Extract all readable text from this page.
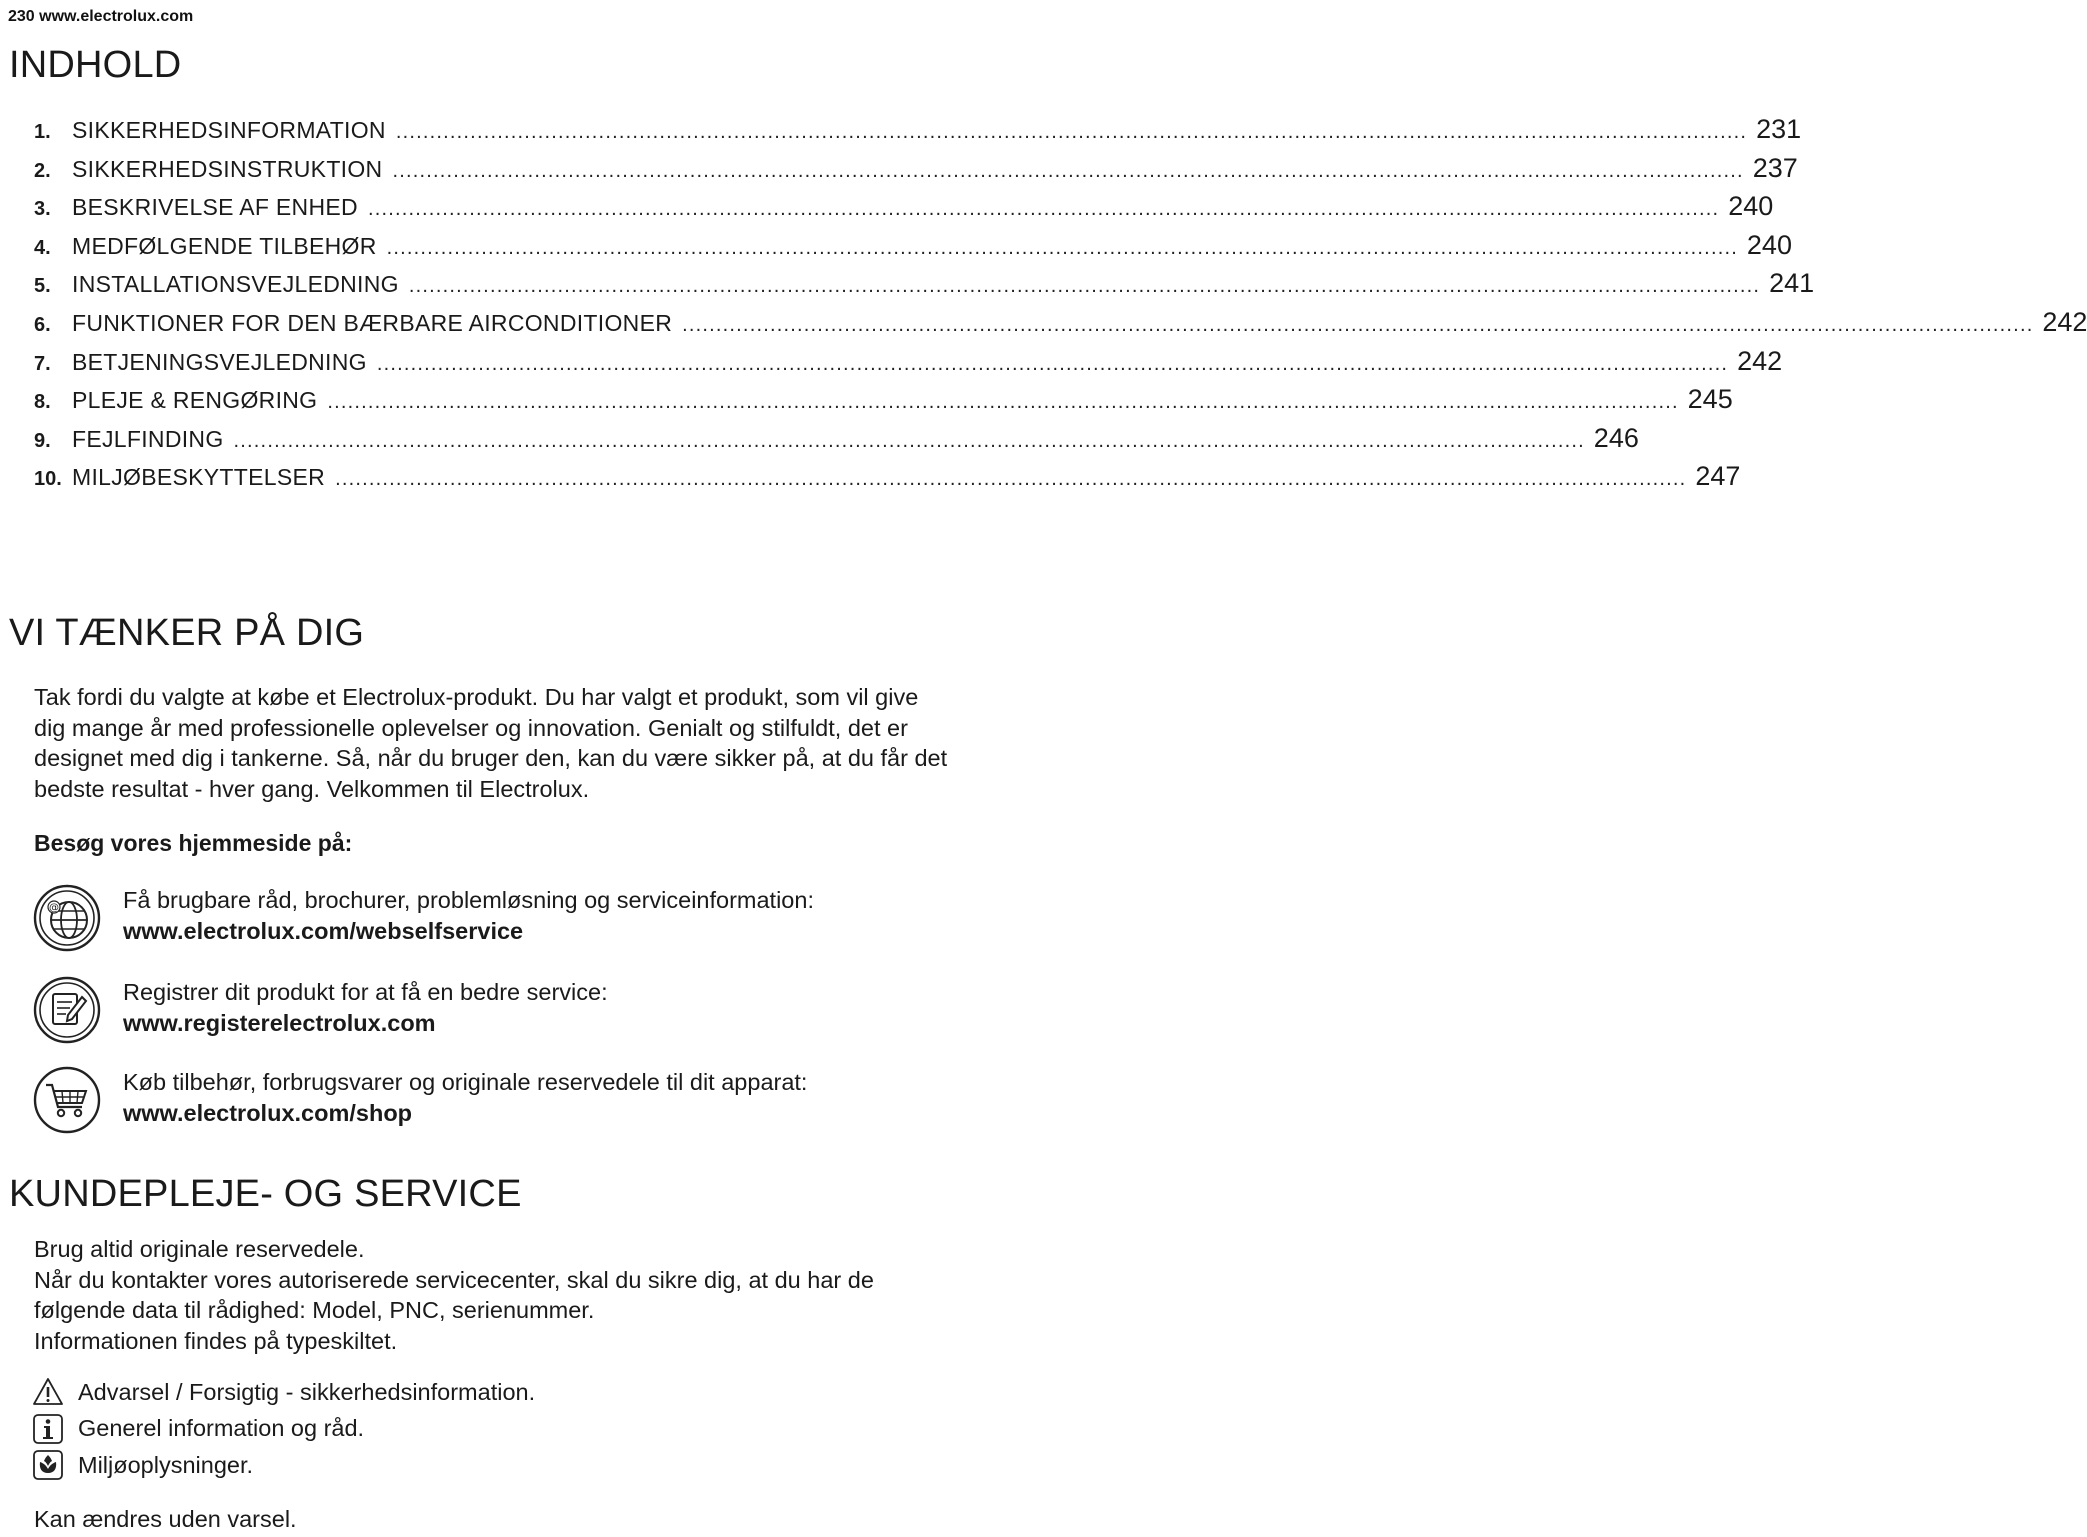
230 www.electrolux.com
INDHOLD
1. SIKKERHEDSINFORMATION ........................................................................................................................................................................................................ 231
2. SIKKERHEDSINSTRUKTION ........................................................................................................................................................................................................ 237
3. BESKRIVELSE AF ENHED ........................................................................................................................................................................................................ 240
4. MEDFØLGENDE TILBEHØR ........................................................................................................................................................................................................ 240
5. INSTALLATIONSVEJLEDNING ........................................................................................................................................................................................................ 241
6. FUNKTIONER FOR DEN BÆRBARE AIRCONDITIONER ........................................................................................................................................................................................................ 242
7. BETJENINGSVEJLEDNING ........................................................................................................................................................................................................ 242
8. PLEJE & RENGØRING ........................................................................................................................................................................................................ 245
9. FEJLFINDING ........................................................................................................................................................................................................ 246
10. MILJØBESKYTTELSER ........................................................................................................................................................................................................ 247
VI TÆNKER PÅ DIG

Tak fordi du valgte at købe et Electrolux-produkt. Du har valgt et produkt, som vil give
dig mange år med professionelle oplevelser og innovation. Genialt og stilfuldt, det er
designet med dig i tankerne. Så, når du bruger den, kan du være sikker på, at du får det
bedste resultat - hver gang. Velkommen til Electrolux.

Besøg vores hjemmeside på:

@	Få brugbare råd, brochurer, problemløsning og serviceinformation:
www.electrolux.com/webselfservice
Registrer dit produkt for at få en bedre service:
www.registerelectrolux.com
Køb tilbehør, forbrugsvarer og originale reservedele til dit apparat:
www.electrolux.com/shop
KUNDEPLEJE- OG SERVICE

Brug altid originale reservedele.
Når du kontakter vores autoriserede servicecenter, skal du sikre dig, at du har de
følgende data til rådighed: Model, PNC, serienummer.
Informationen findes på typeskiltet.

Advarsel / Forsigtig - sikkerhedsinformation.
Generel information og råd.
Miljøoplysninger.

Kan ændres uden varsel.
